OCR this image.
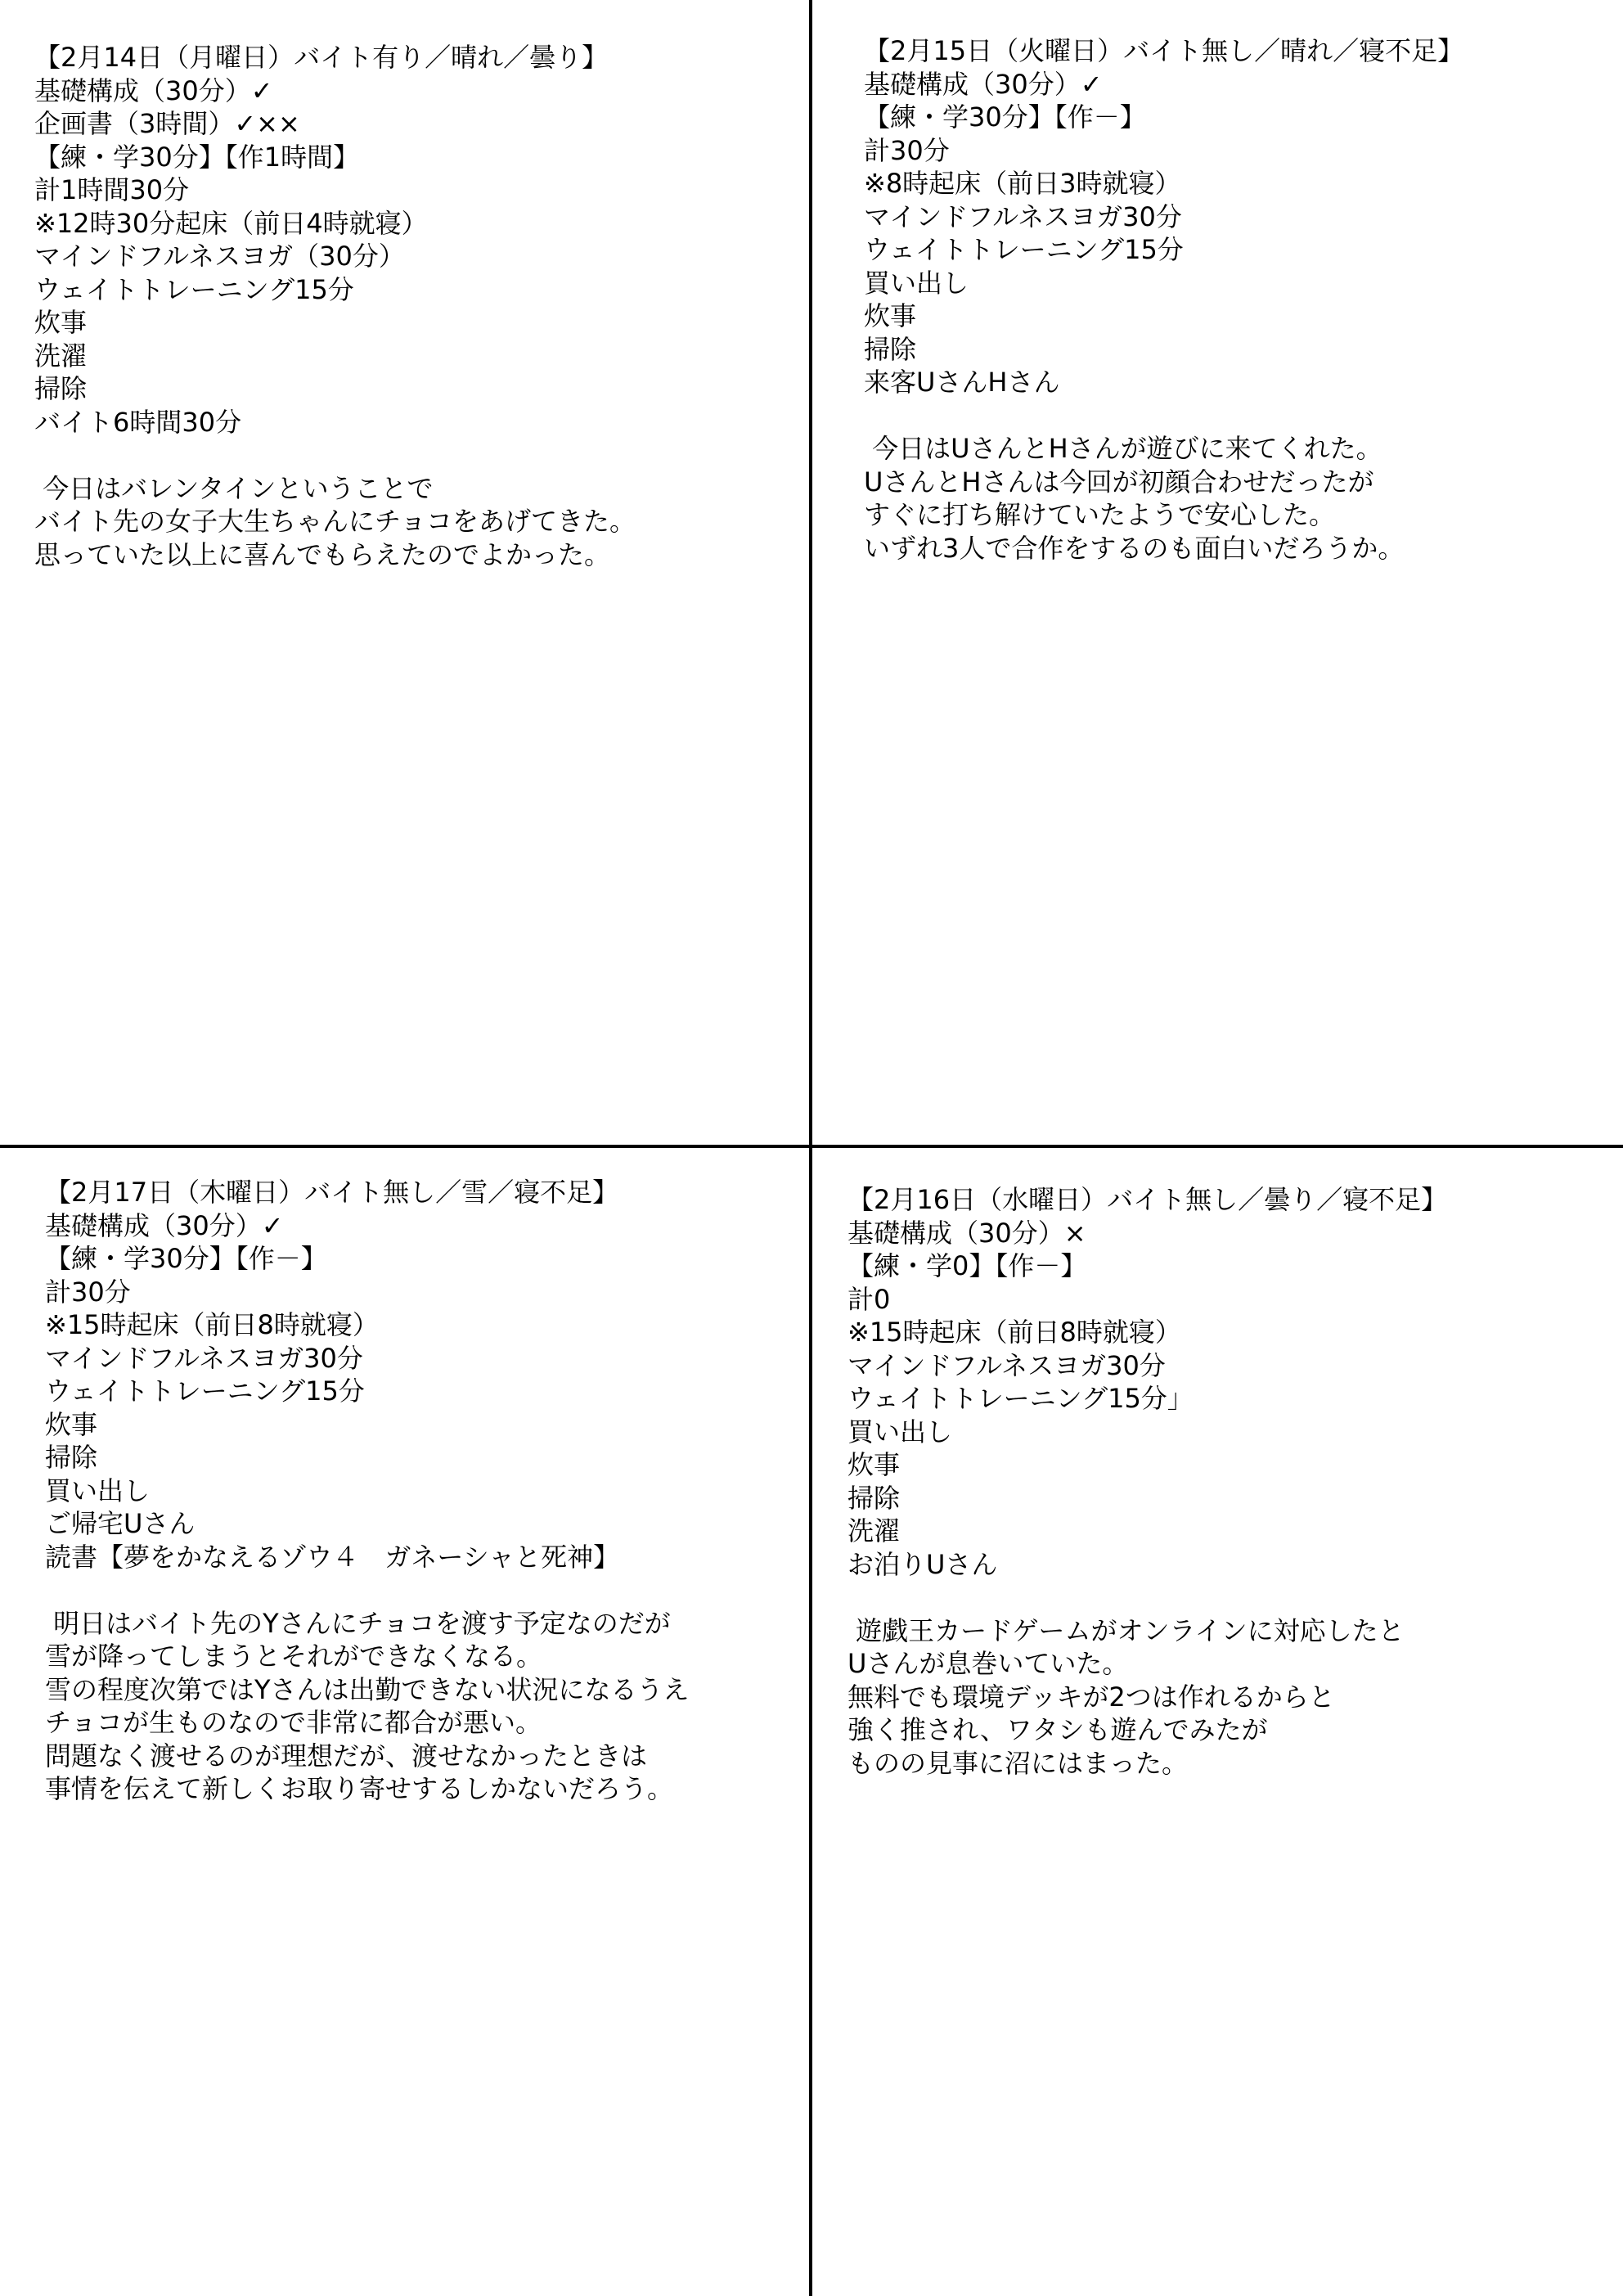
【2月14日（月曜日）バイト有り／晴れ／曇り】
基礎構成（30分）✓
企画書（3時間）✓××
【練・学30分】【作1時間】
計1時間30分
※12時30分起床（前日4時就寝）
マインドフルネスヨガ（30分）
ウェイトトレーニング15分
炊事
洗濯
掃除
バイト6時間30分
今日はバレンタインということで
バイト先の女子大生ちゃんにチョコをあげてきた。
思っていた以上に喜んでもらえたのでよかった。
【2月15日（火曜日）バイト無し／晴れ／寝不足】
基礎構成（30分）✓
【練・学30分】【作－】
計30分
※8時起床（前日3時就寝）
マインドフルネスヨガ30分
ウェイトトレーニング15分
買い出し
炊事
掃除
来客UさんHさん
今日はUさんとHさんが遊びに来てくれた。
UさんとHさんは今回が初顔合わせだったが
すぐに打ち解けていたようで安心した。
いずれ3人で合作をするのも面白いだろうか。
【2月17日（木曜日）バイト無し／雪／寝不足】
基礎構成（30分）✓
【練・学30分】【作－】
計30分
※15時起床（前日8時就寝）
マインドフルネスヨガ30分
ウェイトトレーニング15分
炊事
掃除
買い出し
ご帰宅Uさん
読書【夢をかなえるゾウ４　ガネーシャと死神】
明日はバイト先のYさんにチョコを渡す予定なのだが
雪が降ってしまうとそれができなくなる。
雪の程度次第ではYさんは出勤できない状況になるうえ
チョコが生ものなので非常に都合が悪い。
問題なく渡せるのが理想だが、渡せなかったときは
事情を伝えて新しくお取り寄せするしかないだろう。
【2月16日（水曜日）バイト無し／曇り／寝不足】
基礎構成（30分）×
【練・学0】【作－】
計0
※15時起床（前日8時就寝）
マインドフルネスヨガ30分
ウェイトトレーニング15分」
買い出し
炊事
掃除
洗濯
お泊りUさん
遊戯王カードゲームがオンラインに対応したと
Uさんが息巻いていた。
無料でも環境デッキが2つは作れるからと
強く推され、ワタシも遊んでみたが
ものの見事に沼にはまった。
